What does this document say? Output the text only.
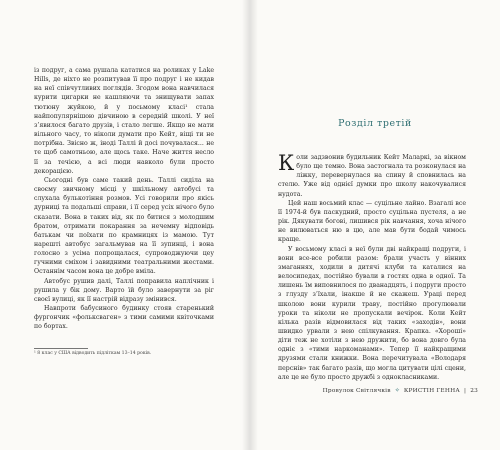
із подруг, а сама рушала кататися на роликах у Lake Hills, де ніхто не розпитував її про подруг і не кидав на неї співчутливих поглядів. Згодом вона навчилася курити цигарки не кашляючи та знищувати запах тютюну жуйкою, й у посьмому класі¹ стала найпопулярнішою дівчиною в середній школі. У неї з’явилося багато друзів, і стало легше. Якщо не мати вільного часу, то ніколи думати про Кейт, віщі ти не потрібна. Звісно ж, іноді Таллі й досі почувалася... не те щоб самотньою, але щось таке. Наче життя несло її за течією, а всі люди навколо були просто декорацією.

Сьогодні був саме такий день. Таллі сиділа на своєму звичному місці у шкільному автобусі та слухала булькотіння розмов. Усі говорили про якісь дурниці та подальші справи, і її серед усіх нічого було сказати. Вона в таких від, як по битися з молодшим братом, отримати покарання за нечемну відповідь батькам чи поїхати по крамницях із мамою. Тут нарешті автобус загальмував на її зупинці, і вона голосно з усіма попрощалася, супроводжуючи цеу гучними сміхом і завидними театральними жестами. Останнім часом вона це добре вміла.

Автобус рушив далі, Таллі поправила наплічник і рушила у бік дому. Варто їй було завернути за ріг своєї вулиці, як її настрій відразу змінився.

Навпроти бабусиного будинку стояв старенький фургончик «фольксваген» з тими самими квіточками по бортах.

¹ 8 клас у США відводить підліткам 13–14 років.
Розділ третій

Коли задзвонив будильник Кейт Маларкі, за вікном було ще темно. Вона застогнала та розконулася на ліжку, перевернулася на спину й сповнилась на стелю. Уже від однієї думки про школу накочувалися нудота.

Цей наш восьмий клас — суцільне лайно. Взагалі все її 1974-й був паскудний, просто суцільна пустеля, а не рік. Дякувати богові, лишився рік навчання, хоча нічого не вилюваться ню в цю, але мав бути бодай чимось краще.

У восьмому класі в неї були дві найкращі подруги, і вони все-все робили разом: брали участь у вінних змаганнях, ходили в дитячі клуби та каталися на велосипедах, постійно бували в гостях одна в одної. Та лишень їм виповнилося по дванадцять, і подруги просто з глузду з’їхали, інакше й не скажеш. Ураці перед школою вони курили траву, постійно прогулювали уроки та ніколи не пропускали вечірок. Коли Кейт кілька разів відмовилася від таких «заходів», вони швидко урвали з нею спілкування. Крапка. «Хороші» діти теж не хотіли з нею дружити, бо вона довго була одніє з «тими наркоманами». Тепер її найкращими друзями стали книжки. Вона перечитувала «Володаря перснів» так багато разів, що могла цитувати цілі сцени, але це не було просто дружбі з однокласниками.

Провулок Світлячків ✧ КРИСТІН ГЕННА | 23
